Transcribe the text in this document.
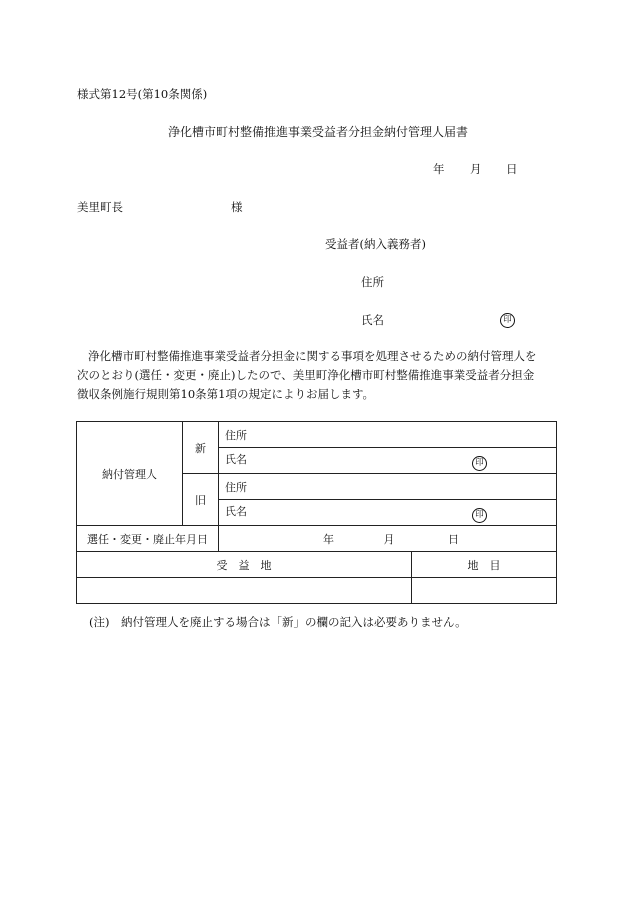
様式第12号(第10条関係)
浄化槽市町村整備推進事業受益者分担金納付管理人届書
年 月 日
美里町長	様
受益者(納入義務者)
住所
氏名	印
浄化槽市町村整備推進事業受益者分担金に関する事項を処理させるための納付管理人を
次のとおり(選任・変更・廃止)したので、美里町浄化槽市町村整備推進事業受益者分担金
徴収条例施行規則第10条第1項の規定によりお届します。
納付管理人	新	住所	
		氏名 印	

	旧	住所	
		氏名 印	

選任・変更・廃止年月日		年 月 日	
受　益　地			地　目

(注)　納付管理人を廃止する場合は「新」の欄の記入は必要ありません。
